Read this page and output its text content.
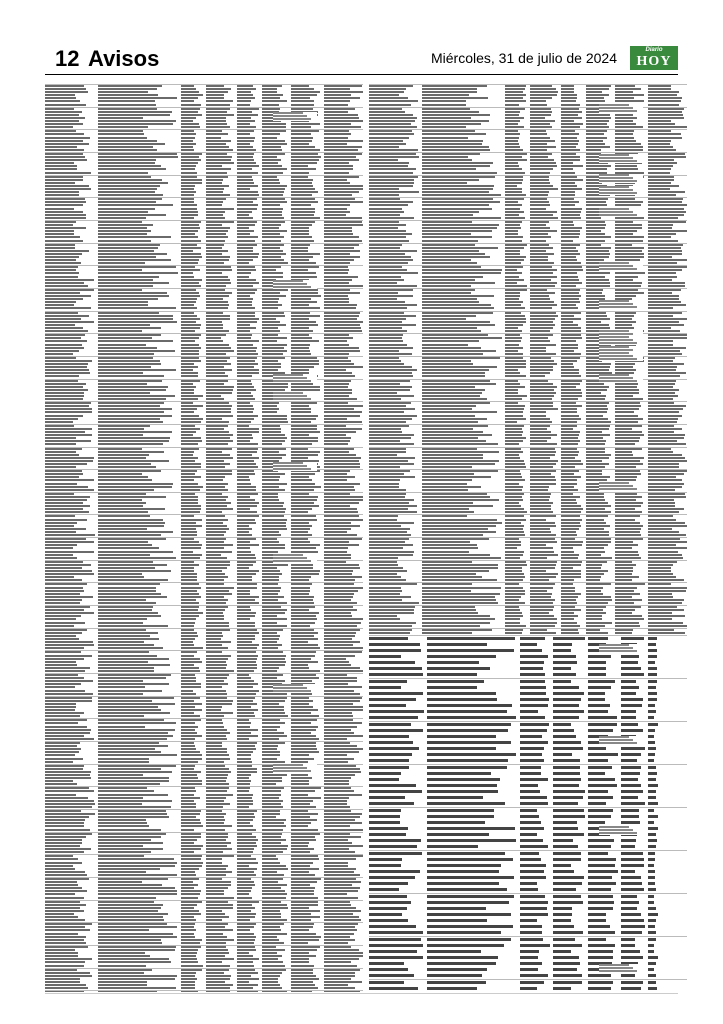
12 Avisos	Miércoles, 31 de julio de 2024	Diario
HOY
